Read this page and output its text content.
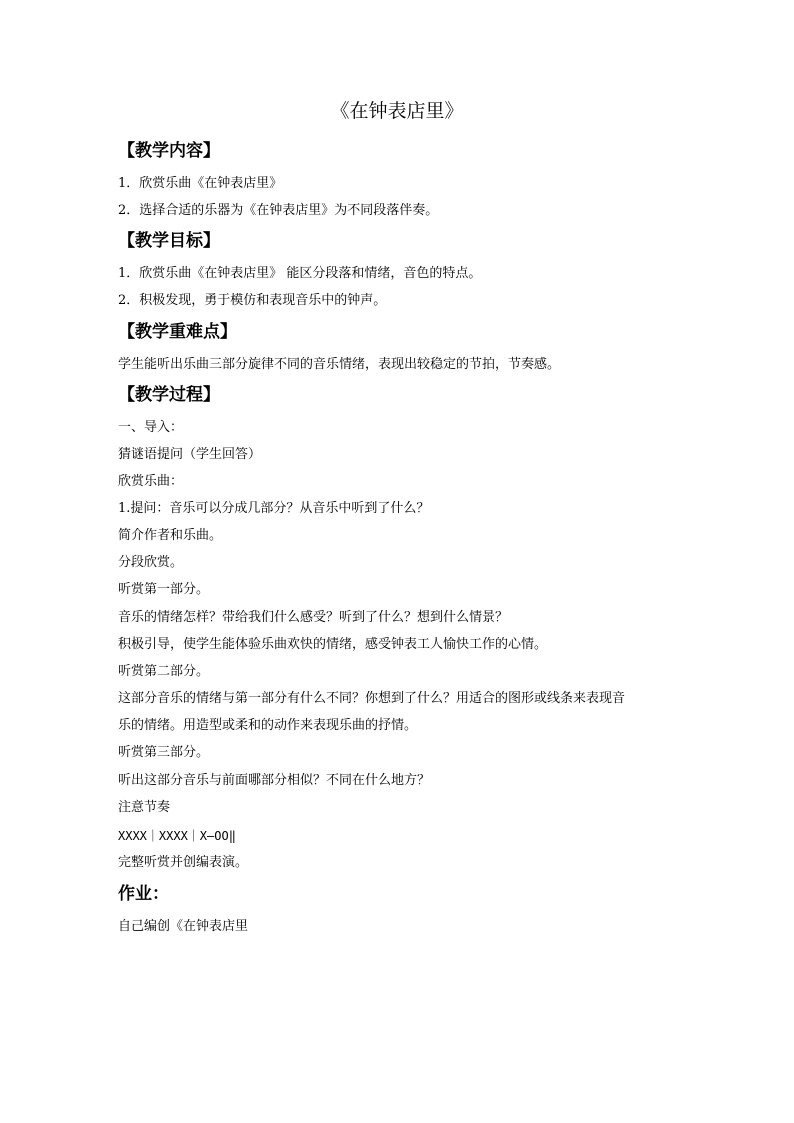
《在钟表店里》
【教学内容】
1．欣赏乐曲《在钟表店里》
2．选择合适的乐器为《在钟表店里》为不同段落伴奏。
【教学目标】
1．欣赏乐曲《在钟表店里》 能区分段落和情绪，音色的特点。
2．积极发现，勇于模仿和表现音乐中的钟声。
【教学重难点】
学生能听出乐曲三部分旋律不同的音乐情绪，表现出较稳定的节拍，节奏感。
【教学过程】
一、导入：
猜谜语提问（学生回答）
欣赏乐曲：
1.提问：音乐可以分成几部分？从音乐中听到了什么？
简介作者和乐曲。
分段欣赏。
听赏第一部分。
音乐的情绪怎样？带给我们什么感受？听到了什么？想到什么情景？
积极引导，使学生能体验乐曲欢快的情绪，感受钟表工人愉快工作的心情。
听赏第二部分。
这部分音乐的情绪与第一部分有什么不同？你想到了什么？用适合的图形或线条来表现音
乐的情绪。用造型或柔和的动作来表现乐曲的抒情。
听赏第三部分。
听出这部分音乐与前面哪部分相似？不同在什么地方？
注意节奏
XXXX｜XXXX｜X—OO‖
完整听赏并创编表演。
作业：
自己编创《在钟表店里
